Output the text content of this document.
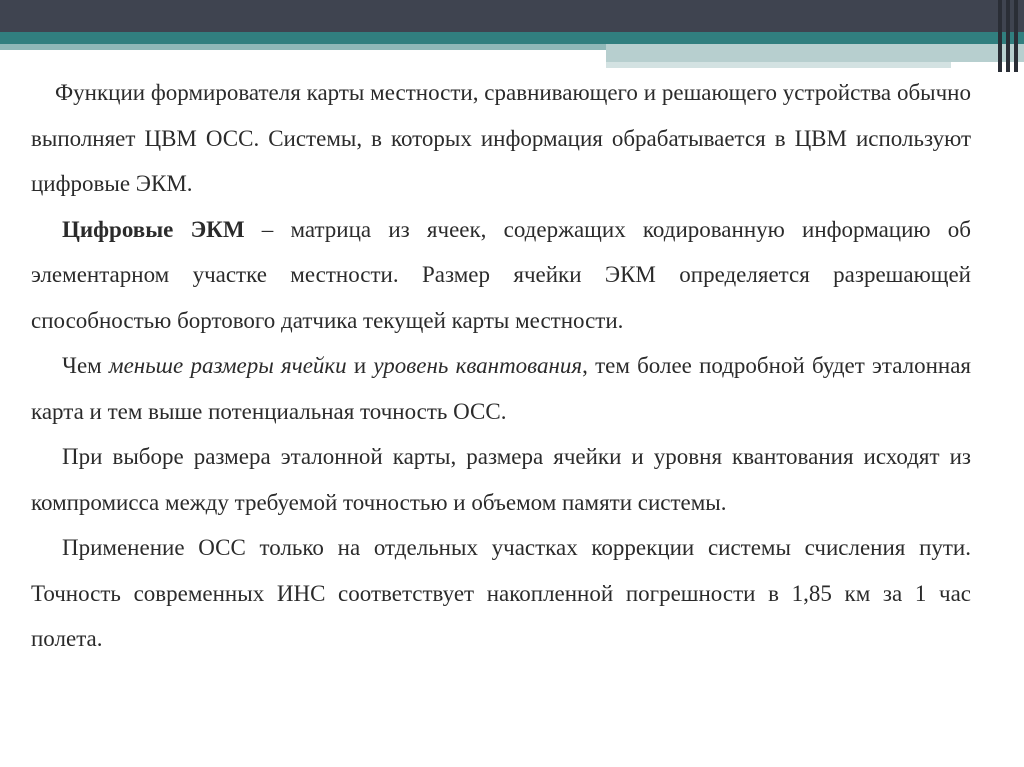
Функции формирователя карты местности, сравнивающего и решающего устройства обычно выполняет ЦВМ ОСС. Системы, в которых информация обрабатывается в ЦВМ используют цифровые ЭКМ.

Цифровые ЭКМ – матрица из ячеек, содержащих кодированную информацию об элементарном участке местности. Размер ячейки ЭКМ определяется разрешающей способностью бортового датчика текущей карты местности.

Чем меньше размеры ячейки и уровень квантования, тем более подробной будет эталонная карта и тем выше потенциальная точность ОСС.

При выборе размера эталонной карты, размера ячейки и уровня квантования исходят из компромисса между требуемой точностью и объемом памяти системы.

Применение ОСС только на отдельных участках коррекции системы счисления пути. Точность современных ИНС соответствует накопленной погрешности в 1,85 км за 1 час полета.
